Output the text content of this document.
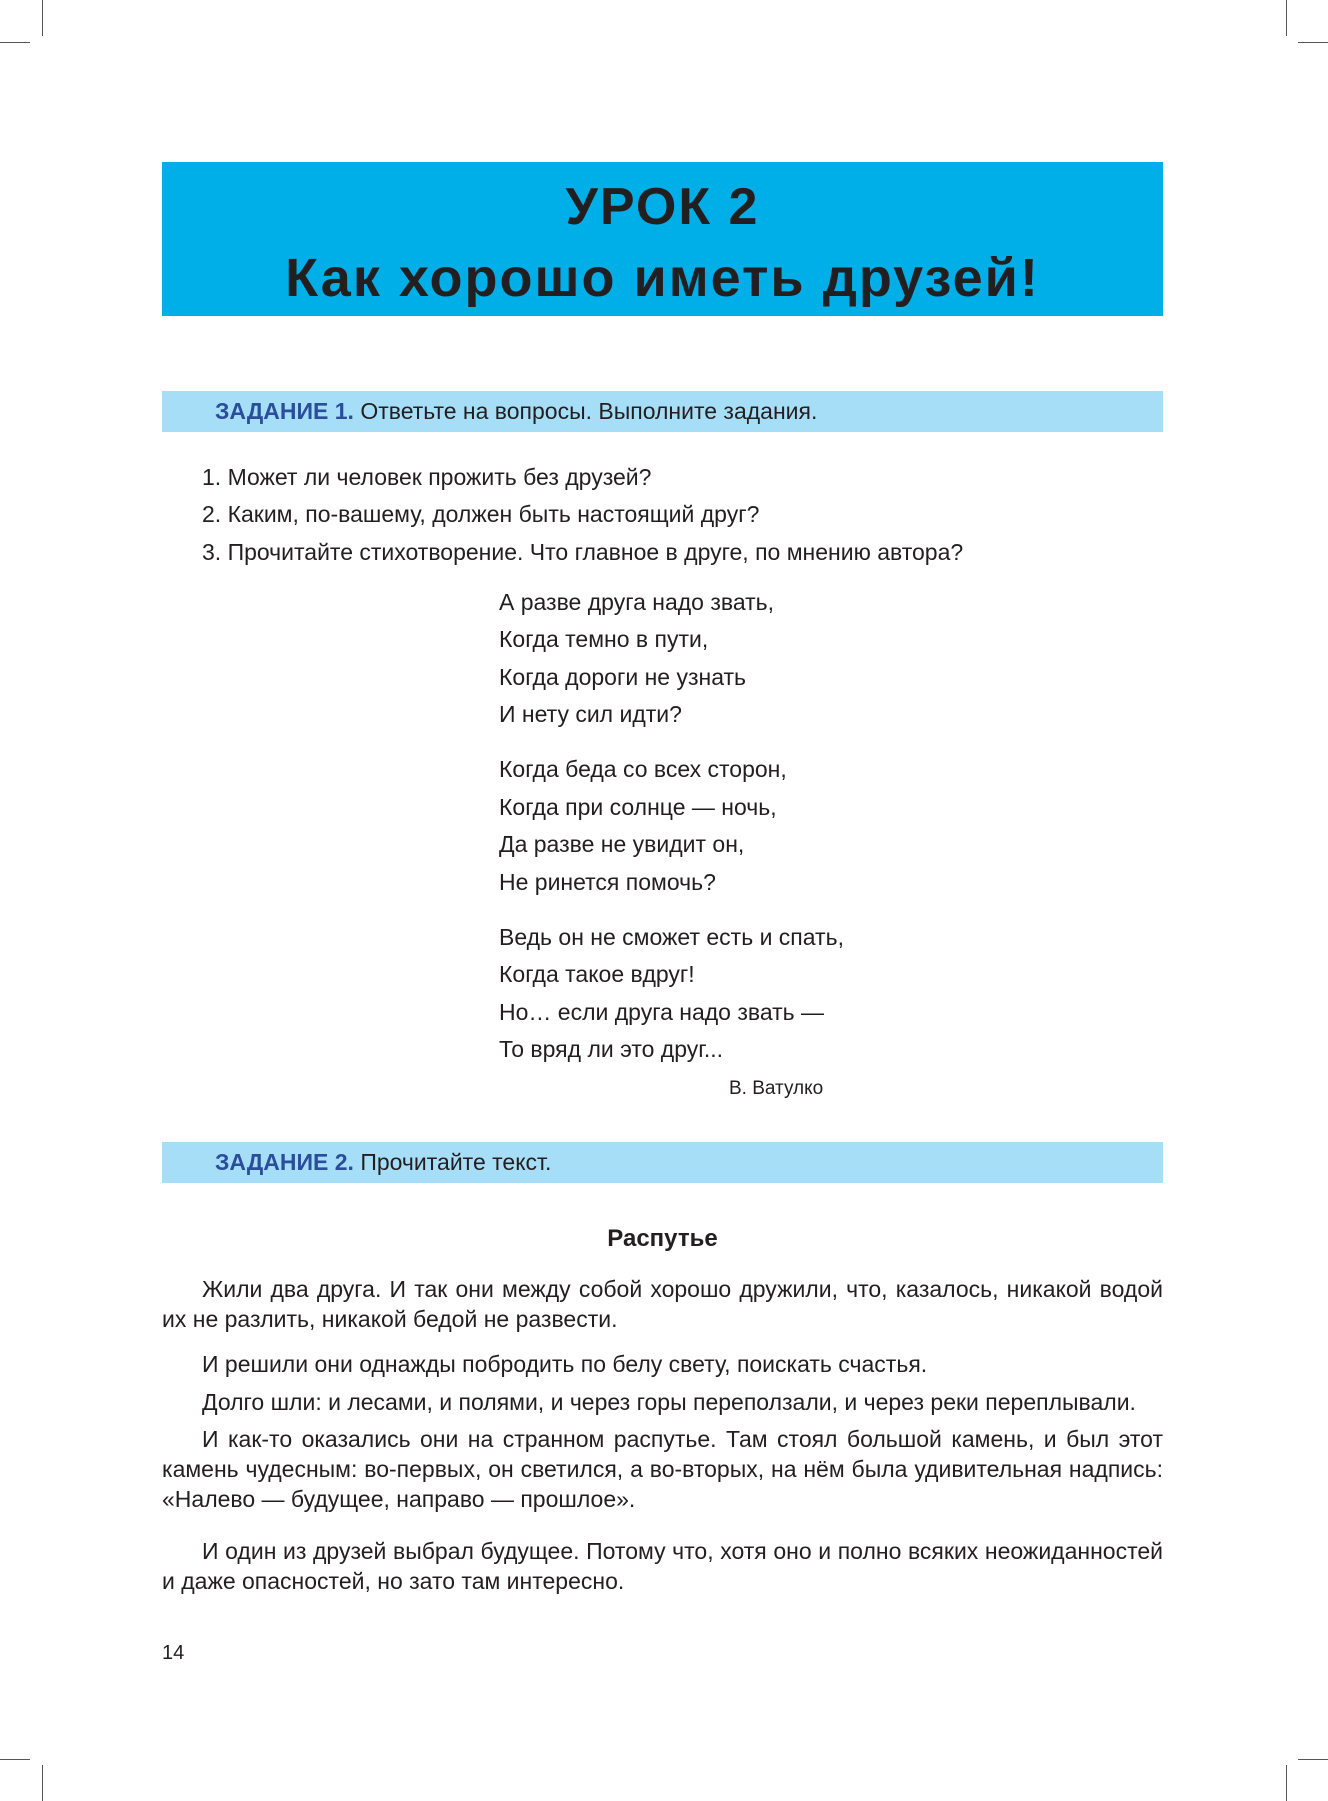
УРОК 2
Как хорошо иметь друзей!
ЗАДАНИЕ 1. Ответьте на вопросы. Выполните задания.
1. Может ли человек прожить без друзей?
2. Каким, по-вашему, должен быть настоящий друг?
3. Прочитайте стихотворение. Что главное в друге, по мнению автора?
А разве друга надо звать,
Когда темно в пути,
Когда дороги не узнать
И нету сил идти?
Когда беда со всех сторон,
Когда при солнце — ночь,
Да разве не увидит он,
Не ринется помочь?
Ведь он не сможет есть и спать,
Когда такое вдруг!
Но… если друга надо звать —
То вряд ли это друг...
В. Ватулко
ЗАДАНИЕ 2. Прочитайте текст.
Распутье
Жили два друга. И так они между собой хорошо дружили, что, казалось, никакой водой их не разлить, никакой бедой не развести.
И решили они однажды побродить по белу свету, поискать счастья.
Долго шли: и лесами, и полями, и через горы переползали, и через реки переплывали.
И как-то оказались они на странном распутье. Там стоял большой камень, и был этот камень чудесным: во-первых, он светился, а во-вторых, на нём была удивительная надпись: «Налево — будущее, направо — прошлое».
И один из друзей выбрал будущее. Потому что, хотя оно и полно всяких неожиданностей и даже опасностей, но зато там интересно.
14
